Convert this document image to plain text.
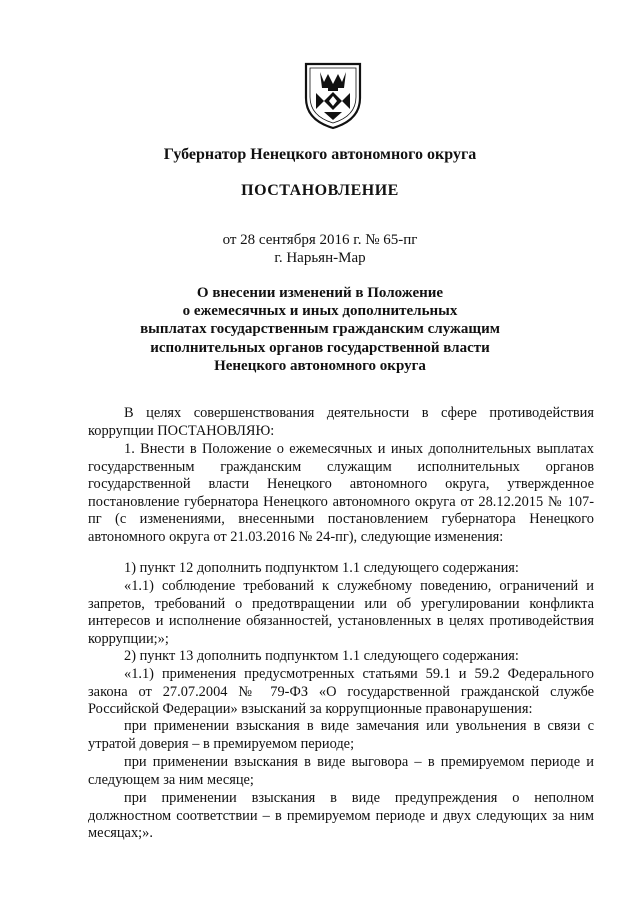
Губернатор Ненецкого автономного округа
ПОСТАНОВЛЕНИЕ
от 28 сентября 2016 г. № 65-пг
г. Нарьян-Мар
О внесении изменений в Положение
о ежемесячных и иных дополнительных
выплатах государственным гражданским служащим
исполнительных органов государственной власти
Ненецкого автономного округа
В целях совершенствования деятельности в сфере противодействия коррупции ПОСТАНОВЛЯЮ:
1. Внести в Положение о ежемесячных и иных дополнительных выплатах государственным гражданским служащим исполнительных органов государственной власти Ненецкого автономного округа, утвержденное постановление губернатора Ненецкого автономного округа от 28.12.2015 № 107-пг (с изменениями, внесенными постановлением губернатора Ненецкого автономного округа от 21.03.2016 № 24-пг), следующие изменения:
1) пункт 12 дополнить подпунктом 1.1 следующего содержания:
«1.1) соблюдение требований к служебному поведению, ограничений и запретов, требований о предотвращении или об урегулировании конфликта интересов и исполнение обязанностей, установленных в целях противодействия коррупции;»;
2) пункт 13 дополнить подпунктом 1.1 следующего содержания:
«1.1) применения предусмотренных статьями 59.1 и 59.2 Федерального закона от 27.07.2004 № 79-ФЗ «О государственной гражданской службе Российской Федерации» взысканий за коррупционные правонарушения:
при применении взыскания в виде замечания или увольнения в связи с утратой доверия – в премируемом периоде;
при применении взыскания в виде выговора – в премируемом периоде и следующем за ним месяце;
при применении взыскания в виде предупреждения о неполном должностном соответствии – в премируемом периоде и двух следующих за ним месяцах;».
